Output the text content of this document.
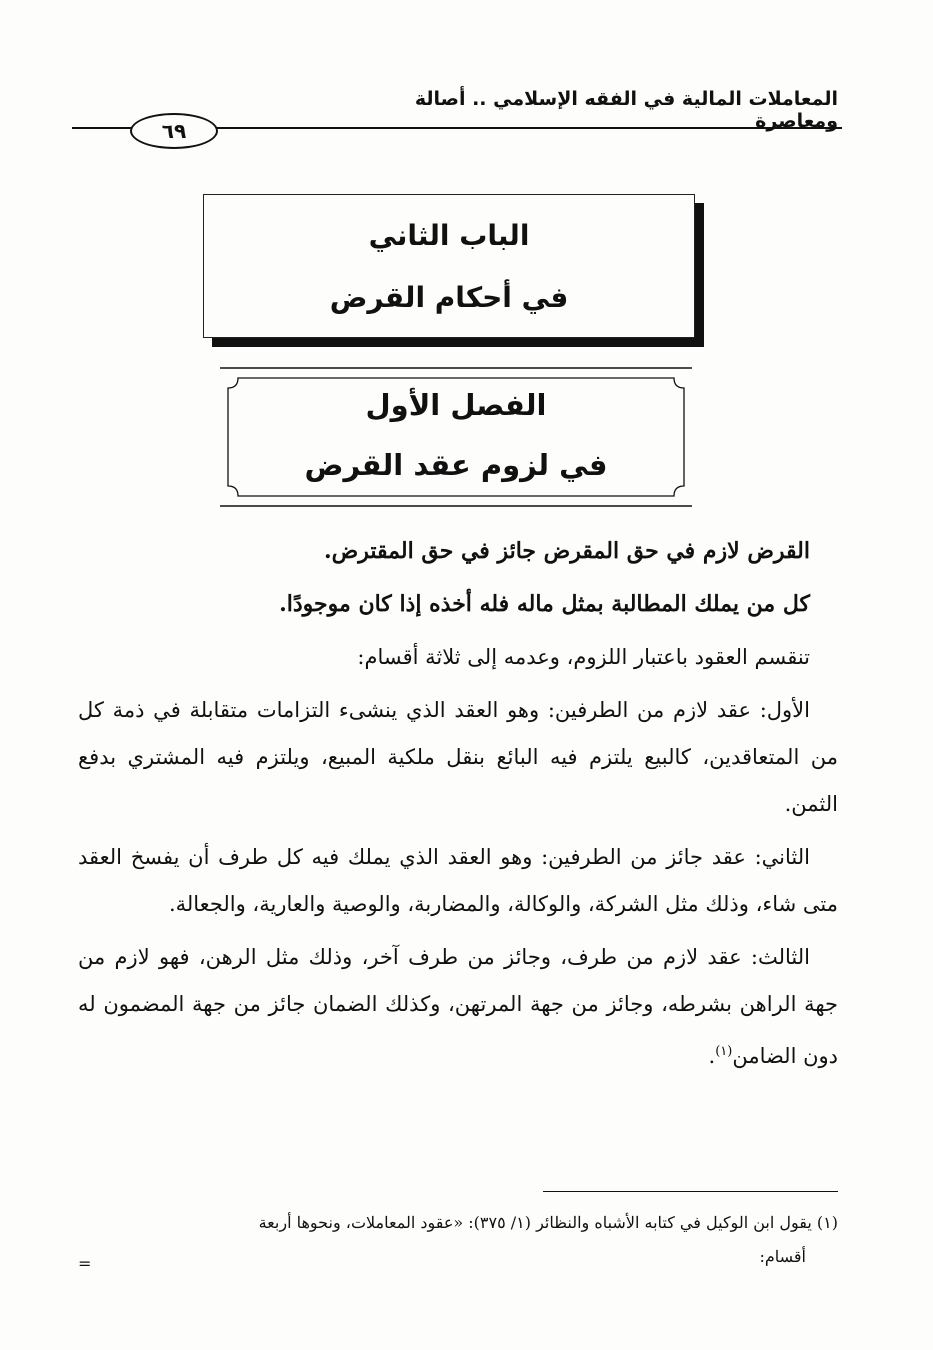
المعاملات المالية في الفقه الإسلامي .. أصالة ومعاصرة
٦٩
الباب الثاني
في أحكام القرض
الفصل الأول
في لزوم عقد القرض

القرض لازم في حق المقرض جائز في حق المقترض.

كل من يملك المطالبة بمثل ماله فله أخذه إذا كان موجودًا.

تنقسم العقود باعتبار اللزوم، وعدمه إلى ثلاثة أقسام:

الأول: عقد لازم من الطرفين: وهو العقد الذي ينشىء التزامات متقابلة في ذمة كل من المتعاقدين، كالبيع يلتزم فيه البائع بنقل ملكية المبيع، ويلتزم فيه المشتري بدفع الثمن.

الثاني: عقد جائز من الطرفين: وهو العقد الذي يملك فيه كل طرف أن يفسخ العقد متى شاء، وذلك مثل الشركة، والوكالة، والمضاربة، والوصية والعارية، والجعالة.

الثالث: عقد لازم من طرف، وجائز من طرف آخر، وذلك مثل الرهن، فهو لازم من جهة الراهن بشرطه، وجائز من جهة المرتهن، وكذلك الضمان جائز من جهة المضمون له دون الضامن$^{(١)}$.

(١) يقول ابن الوكيل في كتابه الأشباه والنظائر (١/ ٣٧٥): «عقود المعاملات، ونحوها أربعة
أقسام:
=
